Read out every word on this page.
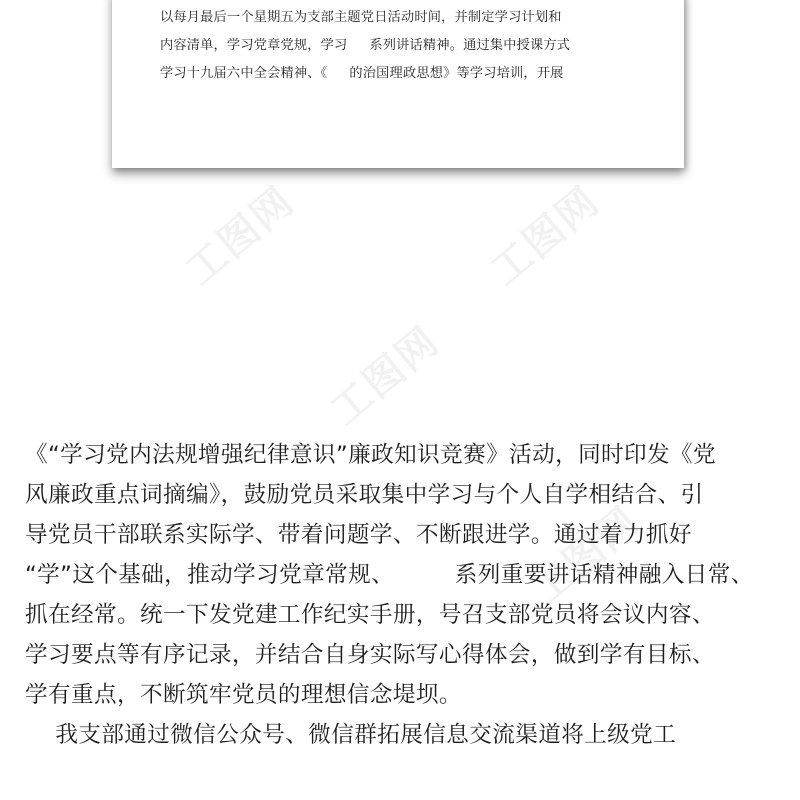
以每月最后一个星期五为支部主题党日活动时间，并制定学习计划和
内容清单，学习党章党规，学习     系列讲话精神。通过集中授课方式
学习十九届六中全会精神、《     的治国理政思想》等学习培训，开展
工图网	工图网
工图网
工图网
《“学习党内法规增强纪律意识”廉政知识竞赛》活动，同时印发《党
风廉政重点词摘编》，鼓励党员采取集中学习与个人自学相结合、引
导党员干部联系实际学、带着问题学、不断跟进学。通过着力抓好
“学”这个基础，推动学习党章常规、        系列重要讲话精神融入日常、
抓在经常。统一下发党建工作纪实手册，号召支部党员将会议内容、
学习要点等有序记录，并结合自身实际写心得体会，做到学有目标、
学有重点，不断筑牢党员的理想信念堤坝。
我支部通过微信公众号、微信群拓展信息交流渠道将上级党工
